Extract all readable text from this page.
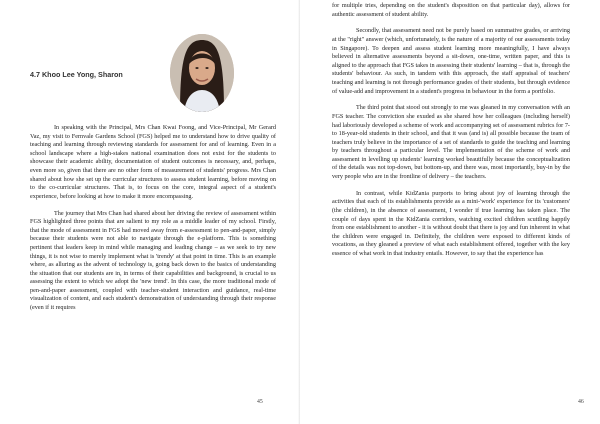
4.7 Khoo Lee Yong, Sharon

In speaking with the Principal, Mrs Chan Kwai Foong, and Vice-Principal, Mr Gerard Vaz, my visit to Fernvale Gardens School (FGS) helped me to understand how to drive quality of teaching and learning through reviewing standards for assessment for and of learning. Even in a school landscape where a high-stakes national examination does not exist for the students to showcase their academic ability, documentation of student outcomes is necessary, and, perhaps, even more so, given that there are no other form of measurement of students' progress. Mrs Chan shared about how she set up the curricular structures to assess student learning, before moving on to the co-curricular structures. That is, to focus on the core, integral aspect of a student's experience, before looking at how to make it more encompassing.

The journey that Mrs Chan had shared about her driving the review of assessment within FGS highlighted three points that are salient to my role as a middle leader of my school. Firstly, that the mode of assessment in FGS had moved away from e-assessment to pen-and-paper, simply because their students were not able to navigate through the e-platform. This is something pertinent that leaders keep in mind while managing and leading change – as we seek to try new things, it is not wise to merely implement what is 'trendy' at that point in time. This is an example where, as alluring as the advent of technology is, going back down to the basics of understanding the situation that our students are in, in terms of their capabilities and background, is crucial to us assessing the extent to which we adopt the 'new trend'. In this case, the more traditional mode of pen-and-paper assessment, coupled with teacher-student interaction and guidance, real-time visualization of content, and each student's demonstration of understanding through their response (even if it requires

45

for multiple tries, depending on the student's disposition on that particular day), allows for authentic assessment of student ability.

Secondly, that assessment need not be purely based on summative grades, or arriving at the "right" answer (which, unfortunately, is the nature of a majority of our assessments today in Singapore). To deepen and assess student learning more meaningfully, I have always believed in alternative assessments beyond a sit-down, one-time, written paper, and this is aligned to the approach that FGS takes in assessing their students' learning – that is, through the students' behaviour. As such, in tandem with this approach, the staff appraisal of teachers' teaching and learning is not through performance grades of their students, but through evidence of value-add and improvement in a student's progress in behaviour in the form a portfolio.

The third point that stood out strongly to me was gleaned in my conversation with an FGS teacher. The conviction she exuded as she shared how her colleagues (including herself) had laboriously developed a scheme of work and accompanying set of assessment rubrics for 7- to 18-year-old students in their school, and that it was (and is) all possible because the team of teachers truly believe in the importance of a set of standards to guide the teaching and learning by teachers throughout a particular level. The implementation of the scheme of work and assessment in levelling up students' learning worked beautifully because the conceptualization of the details was not top-down, but bottom-up, and there was, most importantly, buy-in by the very people who are in the frontline of delivery – the teachers.

In contrast, while KidZania purports to bring about joy of learning through the activities that each of its establishments provide as a mini-'work' experience for its 'customers' (the children), in the absence of assessment, I wonder if true learning has taken place. The couple of days spent in the KidZania corridors, watching excited children scuttling happily from one establishment to another - it is without doubt that there is joy and fun inherent in what the children were engaged in. Definitely, the children were exposed to different kinds of vocations, as they gleaned a preview of what each establishment offered, together with the key essence of what work in that industry entails. However, to say that the experience has

46
